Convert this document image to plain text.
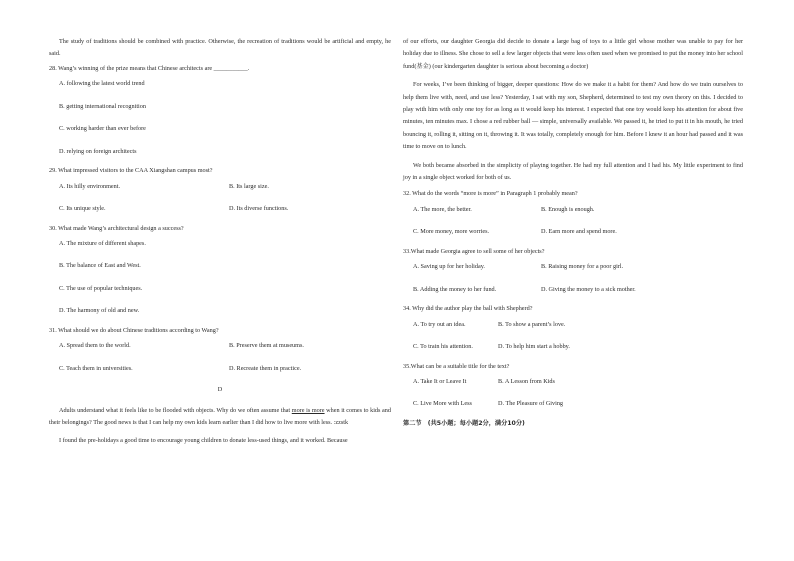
The study of traditions should be combined with practice. Otherwise, the recreation of traditions would be artificial and empty, he said.

28. Wang’s winning of the prize means that Chinese architects are ___________.

A. following the latest world trend
B. getting international recognition
C. working harder than ever before
D. relying on foreign architects

29. What impressed visitors to the CAA Xiangshan campus most?

A. Its hilly environment.	B. Its large size.
C. Its unique style.	D. Its diverse functions.

30. What made Wang’s architectural design a success?

A. The mixture of different shapes.
B. The balance of East and West.
C. The use of popular techniques.
D. The harmony of old and new.

31. What should we do about Chinese traditions according to Wang?

A. Spread them to the world.	B. Preserve them at museums.
C. Teach them in universities.	D. Recreate them in practice.

D

Adults understand what it feels like to be flooded with objects. Why do we often assume that more is more when it comes to kids and their belongings? The good news is that I can help my own kids learn earlier than I did how to live more with less. :zzstk

I found the pre-holidays a good time to encourage young children to donate less-used things, and it worked. Because

of our efforts, our daughter Georgia did decide to donate a large bag of toys to a little girl whose mother was unable to pay for her holiday due to illness. She chose to sell a few larger objects that were less often used when we promised to put the money into her school fund(基金) (our kindergarten daughter is serious about becoming a doctor)

For weeks, I’ve been thinking of bigger, deeper questions: How do we make it a habit for them? And how do we train ourselves to help them live with, need, and use less? Yesterday, I sat with my son, Shepherd, determined to test my own theory on this. I decided to play with him with only one toy for as long as it would keep his interest. I expected that one toy would keep his attention for about five minutes, ten minutes max. I chose a red rubber ball — simple, universally available. We passed it, he tried to put it in his mouth, he tried bouncing it, rolling it, sitting on it, throwing it. It was totally, completely enough for him. Before I knew it an hour had passed and it was time to move on to lunch.

We both became absorbed in the simplicity of playing together. He had my full attention and I had his. My little experiment to find joy in a single object worked for both of us.

32. What do the words “more is more” in Paragraph 1 probably mean?

A. The more, the better.	B. Enough is enough.
C. More money, more worries.	D. Earn more and spend more.

33.What made Georgia agree to sell some of her objects?

A. Saving up for her holiday.	B. Raising money for a poor girl.
B. Adding the money to her fund.	D. Giving the money to a sick mother.

34. Why did the author play the ball with Shepherd?

A. To try out an idea.	B. To show a parent’s love.
C. To train his attention.	D. To help him start a hobby.

35.What can be a suitable title for the text?

A. Take It or Leave It	B. A Lesson from Kids
C. Live More with Less	D. The Pleasure of Giving

第二节　(共5小题；每小题2分，满分10分)
